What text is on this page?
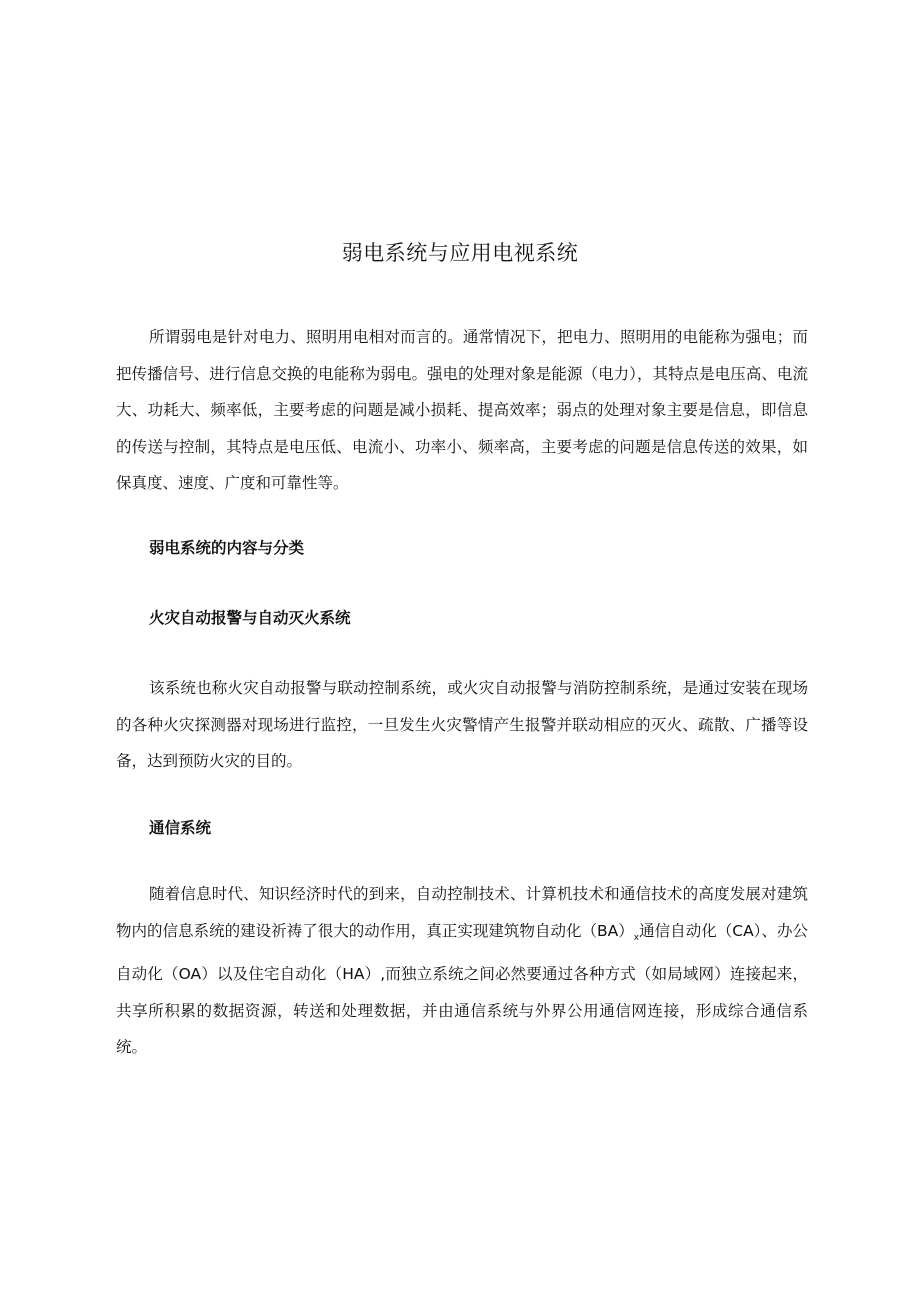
弱电系统与应用电视系统

所谓弱电是针对电力、照明用电相对而言的。通常情况下，把电力、照明用的电能称为强电；而把传播信号、进行信息交换的电能称为弱电。强电的处理对象是能源（电力），其特点是电压高、电流大、功耗大、频率低，主要考虑的问题是减小损耗、提高效率；弱点的处理对象主要是信息，即信息的传送与控制，其特点是电压低、电流小、功率小、频率高，主要考虑的问题是信息传送的效果，如保真度、速度、广度和可靠性等。

弱电系统的内容与分类

火灾自动报警与自动灭火系统

该系统也称火灾自动报警与联动控制系统，或火灾自动报警与消防控制系统，是通过安装在现场的各种火灾探测器对现场进行监控，一旦发生火灾警情产生报警并联动相应的灭火、疏散、广播等设备，达到预防火灾的目的。

通信系统

随着信息时代、知识经济时代的到来，自动控制技术、计算机技术和通信技术的高度发展对建筑物内的信息系统的建设祈祷了很大的动作用，真正实现建筑物自动化$(BA)_x$通信自动化（CA）、办公自动化（OA）以及住宅自动化（HA）,而独立系统之间必然要通过各种方式（如局域网）连接起来，共享所积累的数据资源，转送和处理数据，并由通信系统与外界公用通信网连接，形成综合通信系统。
